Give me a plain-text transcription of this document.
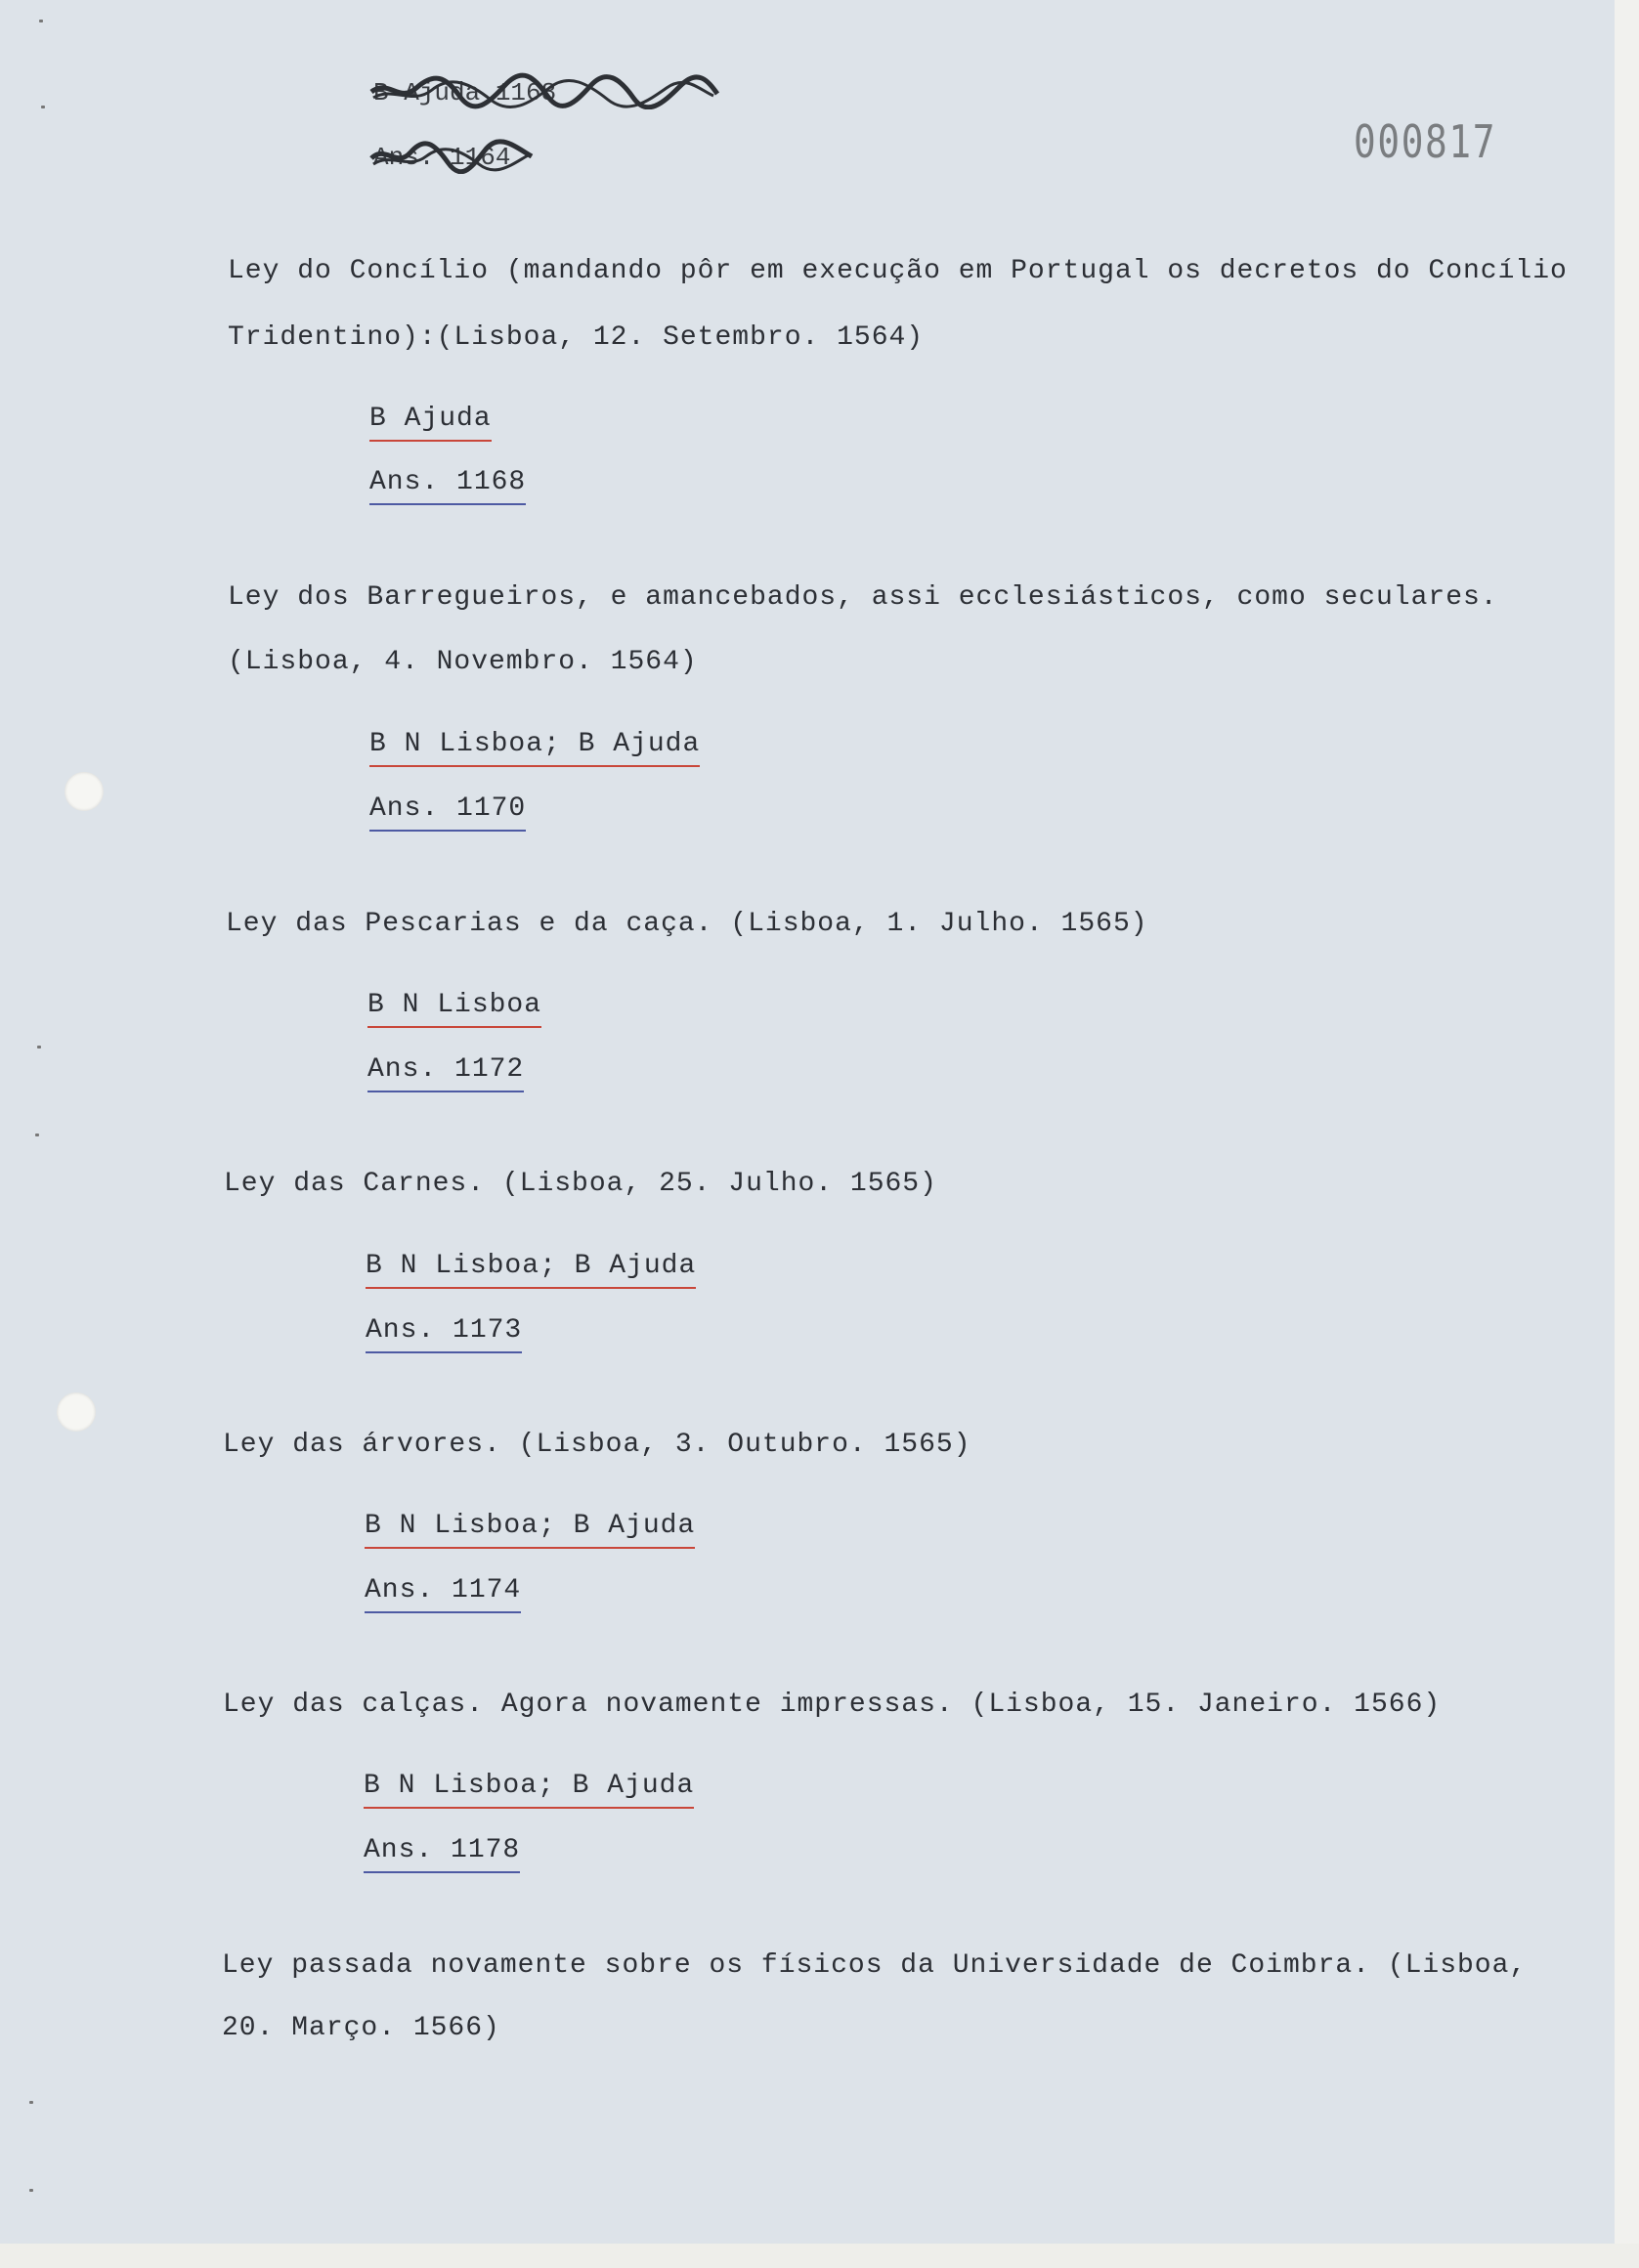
B Ajuda 1168
Ans. 1164	000817
Ley do Concílio (mandando pôr em execução em Portugal os decretos do Concílio
Tridentino):(Lisboa, 12. Setembro. 1564)
B Ajuda
Ans. 1168
Ley dos Barregueiros, e amancebados, assi ecclesiásticos, como seculares.
(Lisboa, 4. Novembro. 1564)
B N Lisboa; B Ajuda
Ans. 1170
Ley das Pescarias e da caça. (Lisboa, 1. Julho. 1565)
B N Lisboa
Ans. 1172
Ley das Carnes. (Lisboa, 25. Julho. 1565)
B N Lisboa; B Ajuda
Ans. 1173
Ley das árvores. (Lisboa, 3. Outubro. 1565)
B N Lisboa; B Ajuda
Ans. 1174
Ley das calças. Agora novamente impressas. (Lisboa, 15. Janeiro. 1566)
B N Lisboa; B Ajuda
Ans. 1178
Ley passada novamente sobre os físicos da Universidade de Coimbra. (Lisboa,
20. Março. 1566)
